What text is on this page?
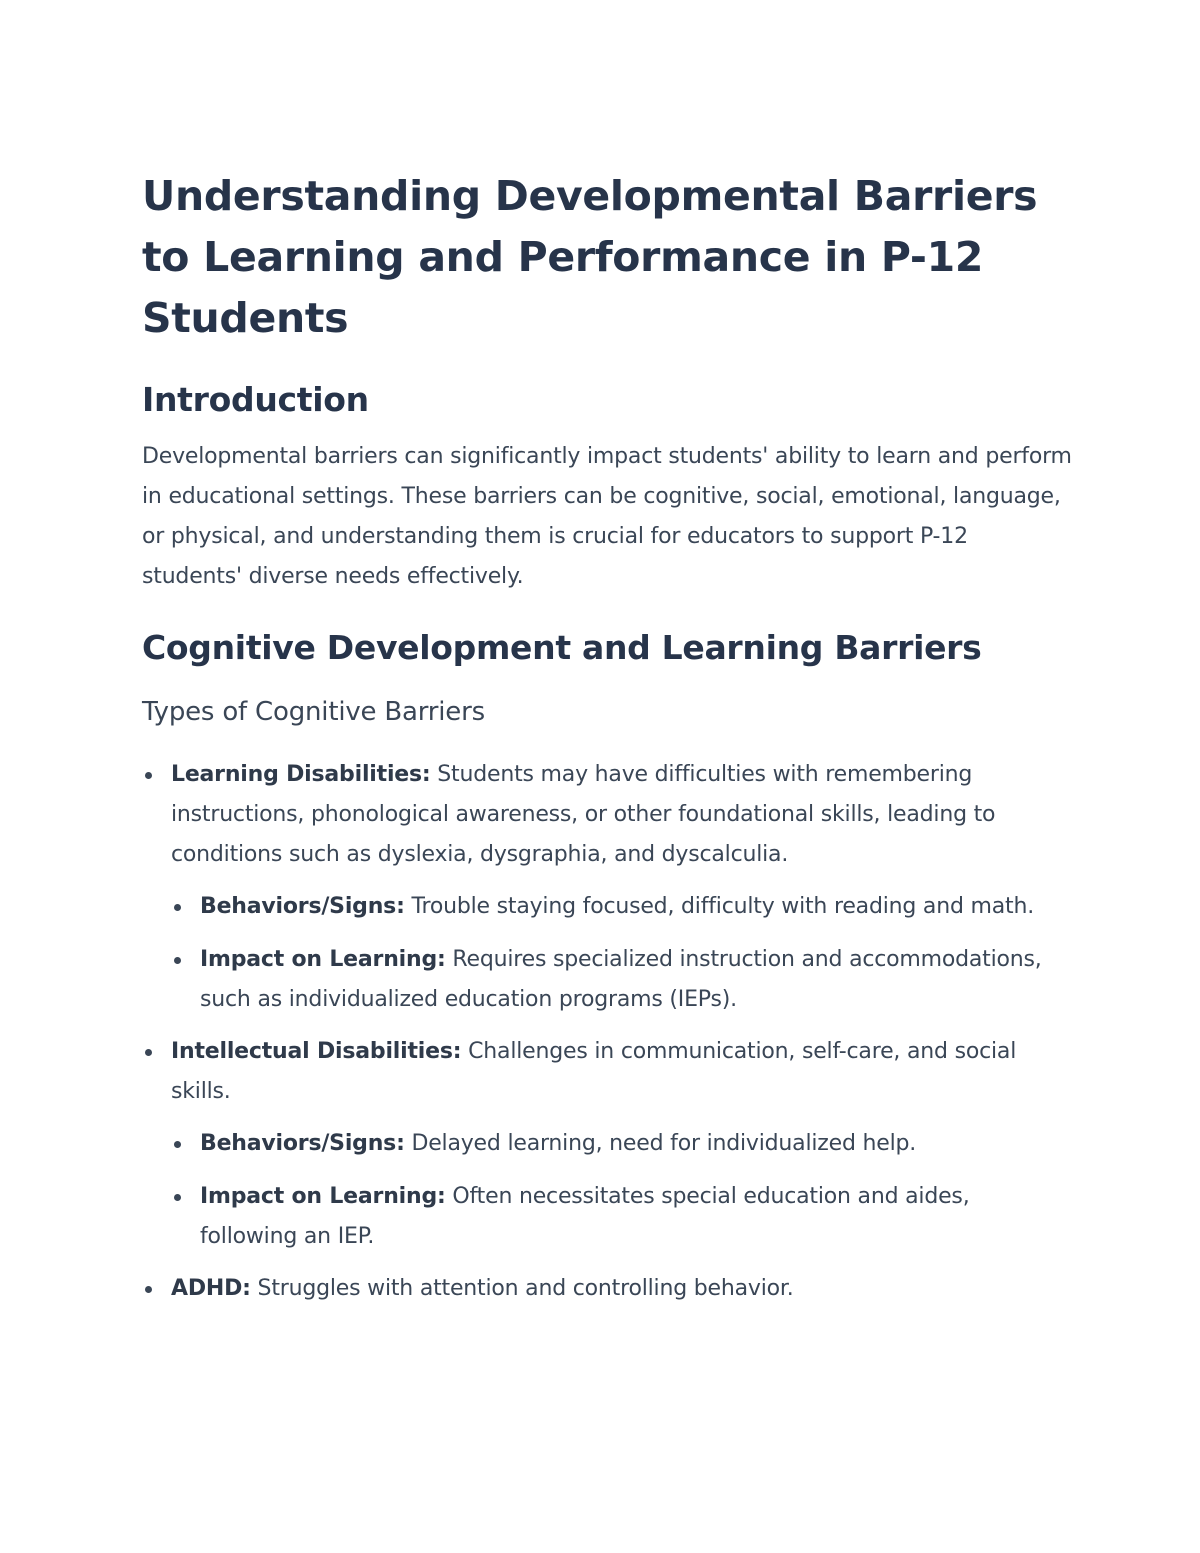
Understanding Developmental Barriers to Learning and Performance in P-12 Students
Introduction

Developmental barriers can significantly impact students' ability to learn and perform in educational settings. These barriers can be cognitive, social, emotional, language, or physical, and understanding them is crucial for educators to support P-12 students' diverse needs effectively.

Cognitive Development and Learning Barriers
Types of Cognitive Barriers
Learning Disabilities: Students may have difficulties with remembering instructions, phonological awareness, or other foundational skills, leading to conditions such as dyslexia, dysgraphia, and dyscalculia.
Behaviors/Signs: Trouble staying focused, difficulty with reading and math.
Impact on Learning: Requires specialized instruction and accommodations, such as individualized education programs (IEPs).
Intellectual Disabilities: Challenges in communication, self-care, and social skills.
Behaviors/Signs: Delayed learning, need for individualized help.
Impact on Learning: Often necessitates special education and aides, following an IEP.
ADHD: Struggles with attention and controlling behavior.
